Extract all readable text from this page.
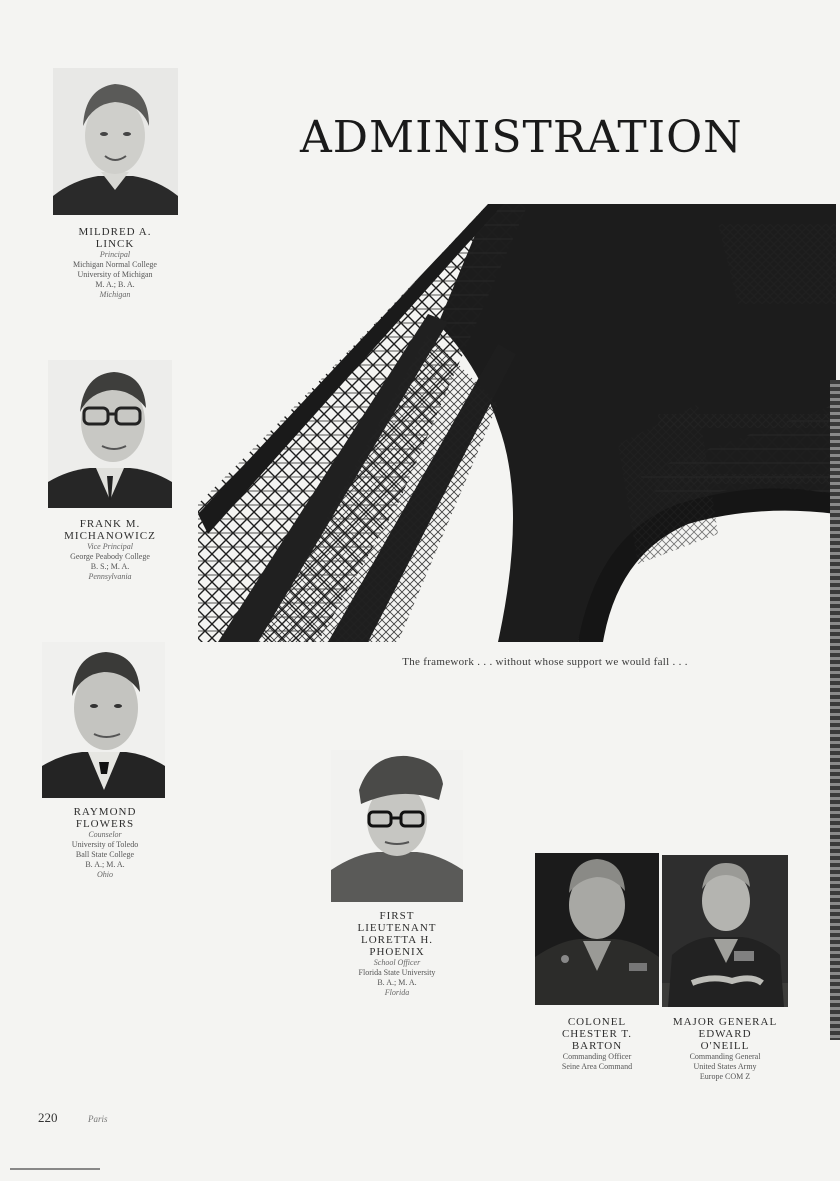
ADMINISTRATION
MILDRED A.
LINCK
Principal
Michigan Normal College
University of Michigan
M. A.; B. A.
Michigan
FRANK M.
MICHANOWICZ
Vice Principal
George Peabody College
B. S.; M. A.
Pennsylvania
RAYMOND
FLOWERS
Counselor
University of Toledo
Ball State College
B. A.; M. A.
Ohio
The framework . . . without whose support we would fall . . .
FIRST
LIEUTENANT
LORETTA H.
PHOENIX
School Officer
Florida State University
B. A.; M. A.
Florida
COLONEL
CHESTER T.
BARTON
Commanding Officer
Seine Area Command
MAJOR GENERAL
EDWARD
O'NEILL
Commanding General
United States Army
Europe COM Z
220	Paris
